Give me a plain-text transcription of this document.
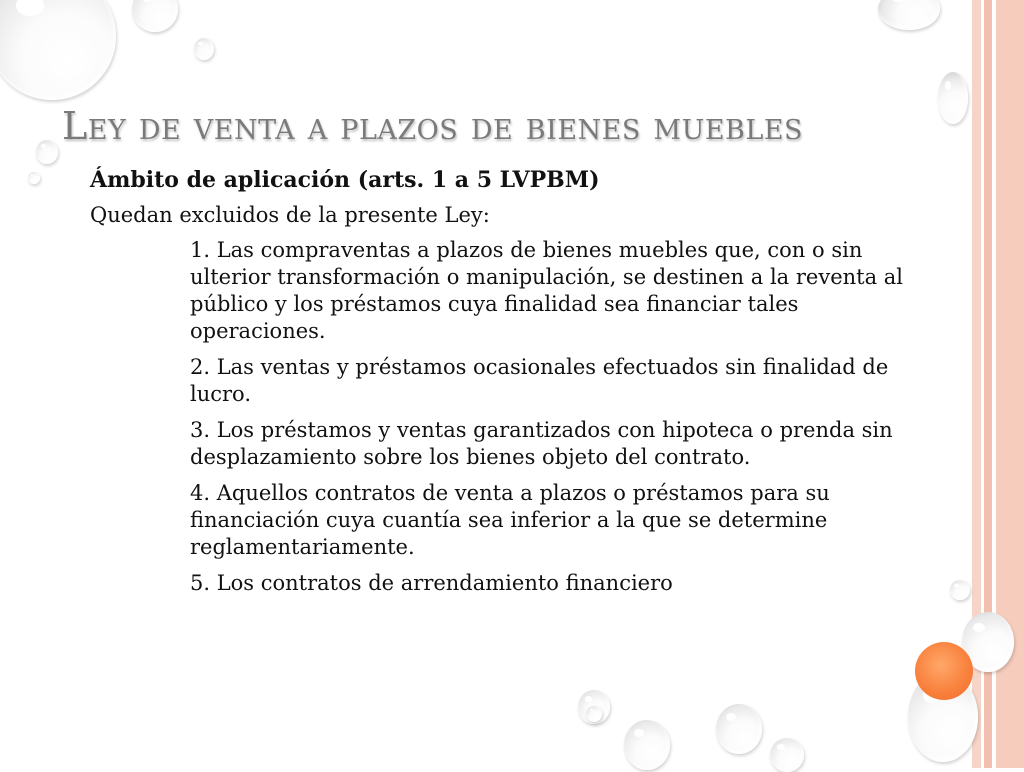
Ley de venta a plazos de bienes muebles

Ámbito de aplicación (arts. 1 a 5 LVPBM)

Quedan excluidos de la presente Ley:

1. Las compraventas a plazos de bienes muebles que, con o sin ulterior transformación o manipulación, se destinen a la reventa al público y los préstamos cuya finalidad sea financiar tales operaciones.
2. Las ventas y préstamos ocasionales efectuados sin finalidad de lucro.
3. Los préstamos y ventas garantizados con hipoteca o prenda sin desplazamiento sobre los bienes objeto del contrato.
4. Aquellos contratos de venta a plazos o préstamos para su financiación cuya cuantía sea inferior a la que se determine reglamentariamente.
5. Los contratos de arrendamiento financiero
